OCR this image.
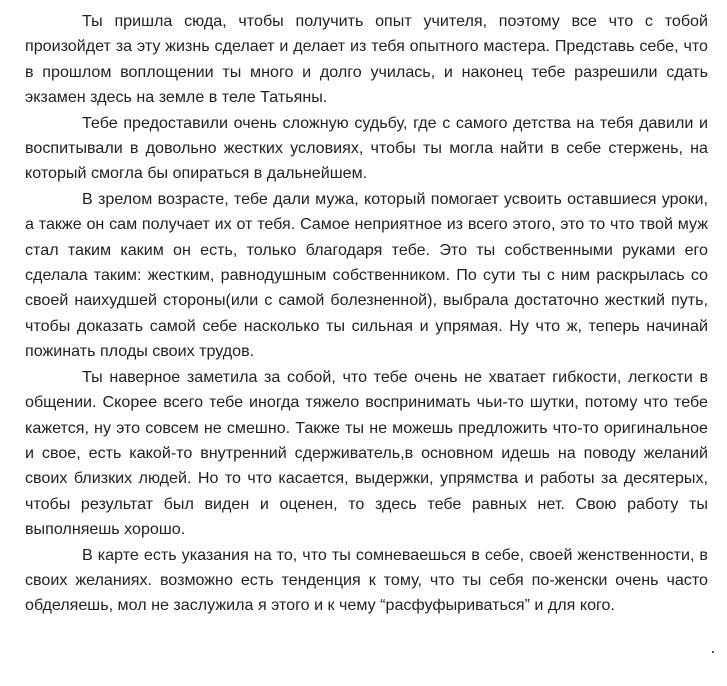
Ты пришла сюда, чтобы получить опыт учителя, поэтому все что с тобой произойдет за эту жизнь сделает и делает из тебя опытного мастера. Представь себе, что в прошлом воплощении ты много и долго училась, и наконец тебе разрешили сдать экзамен здесь на земле в теле Татьяны.

Тебе предоставили очень сложную судьбу, где с самого детства на тебя давили и воспитывали в довольно жестких условиях, чтобы ты могла найти в себе стержень, на который смогла бы опираться в дальнейшем.

В зрелом возрасте, тебе дали мужа, который помогает усвоить оставшиеся уроки, а также он сам получает их от тебя. Самое неприятное из всего этого, это то что твой муж стал таким каким он есть, только благодаря тебе. Это ты собственными руками его сделала таким: жестким, равнодушным собственником. По сути ты с ним раскрылась со своей наихудшей стороны(или с самой болезненной), выбрала достаточно жесткий путь, чтобы доказать самой себе насколько ты сильная и упрямая. Ну что ж, теперь начинай пожинать плоды своих трудов.

Ты наверное заметила за собой, что тебе очень не хватает гибкости, легкости в общении. Скорее всего тебе иногда тяжело воспринимать чьи-то шутки, потому что тебе кажется, ну это совсем не смешно. Также ты не можешь предложить что-то оригинальное и свое, есть какой-то внутренний сдерживатель,в основном идешь на поводу желаний своих близких людей. Но то что касается, выдержки, упрямства и работы за десятерых, чтобы результат был виден и оценен, то здесь тебе равных нет. Свою работу ты выполняешь хорошо.

В карте есть указания на то, что ты сомневаешься в себе, своей женственности, в своих желаниях. возможно есть тенденция к тому, что ты себя по-женски очень часто обделяешь, мол не заслужила я этого и к чему “расфуфыриваться” и для кого.
